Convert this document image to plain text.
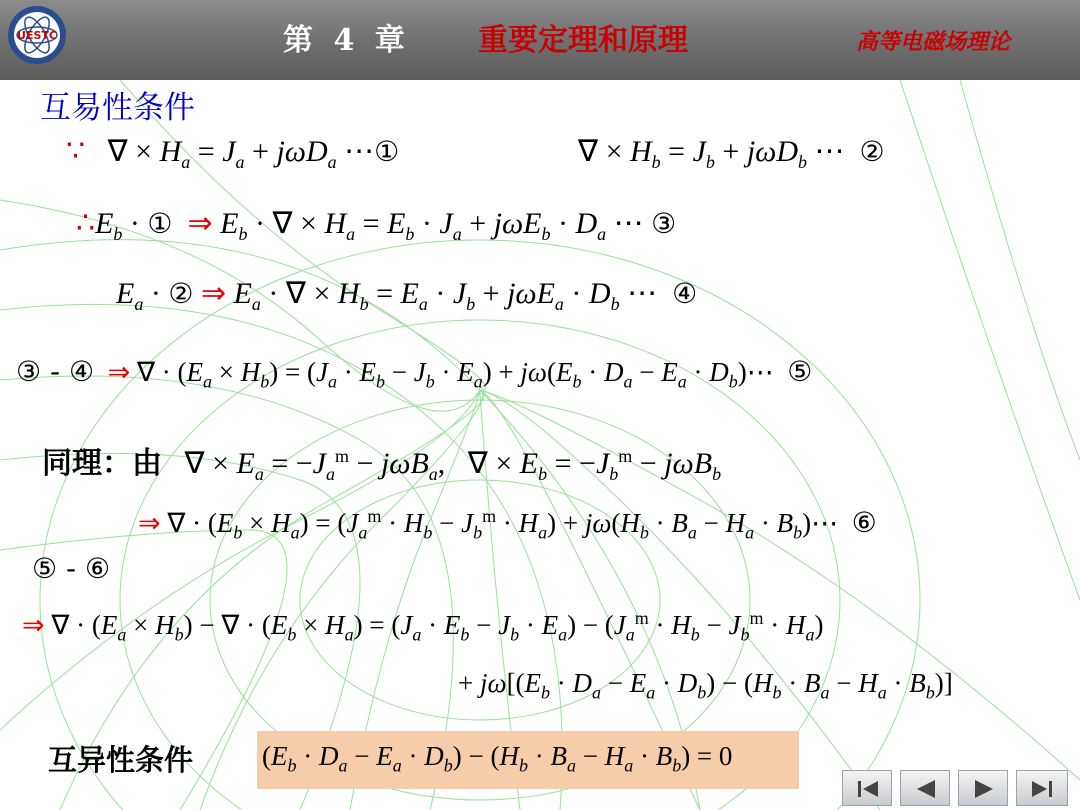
UESTC	第 4 章 重要定理和原理	高等电磁场理论
互易性条件
∵   ∇ × $H_a = J_a + j\omega D_a$ ⋯①	∇ × $H_b = J_b + j\omega D_b$ ⋯  ②
$\therefore E_b$ · ①  ⇒ $E_b$ · ∇ × $H_a = E_b \cdot J_a + j\omega E_b \cdot D_a$ ⋯ ③
$E_a$ · ② ⇒ $E_a$ · ∇ × $H_b = E_a \cdot J_b + j\omega E_a \cdot D_b$ ⋯  ④
③ - ④  ⇒ ∇ · $(E_a \times H_b) = (J_a \cdot E_b - J_b \cdot E_a) + j\omega(E_b \cdot D_a - E_a$ · $D_b)\cdots$  ⑤
同理：由   ∇ × $E_a = -J_a^m - j\omega B_a$,   ∇ × $E_b = -J_b^m - j\omega B_b$
⇒ ∇ · $(E_b \times H_a) = (J_a^m \cdot H_b - J_b^m \cdot H_a) + j\omega(H_b \cdot B_a - H_a$ · $B_b)\cdots$  ⑥
⑤ - ⑥
⇒ ∇ · $(E_a \times H_b)$ − ∇ · $(E_b \times H_a) = (J_a \cdot E_b - J_b \cdot E_a) - (J_a^m \cdot H_b - J_b^m \cdot H_a)$
+ $j\omega[(E_b \cdot D_a - E_a \cdot D_b) - (H_b \cdot B_a - H_a \cdot B_b)]$
互异性条件	$(E_b \cdot D_a - E_a \cdot D_b) - (H_b \cdot B_a - H_a \cdot B_b) = 0$
